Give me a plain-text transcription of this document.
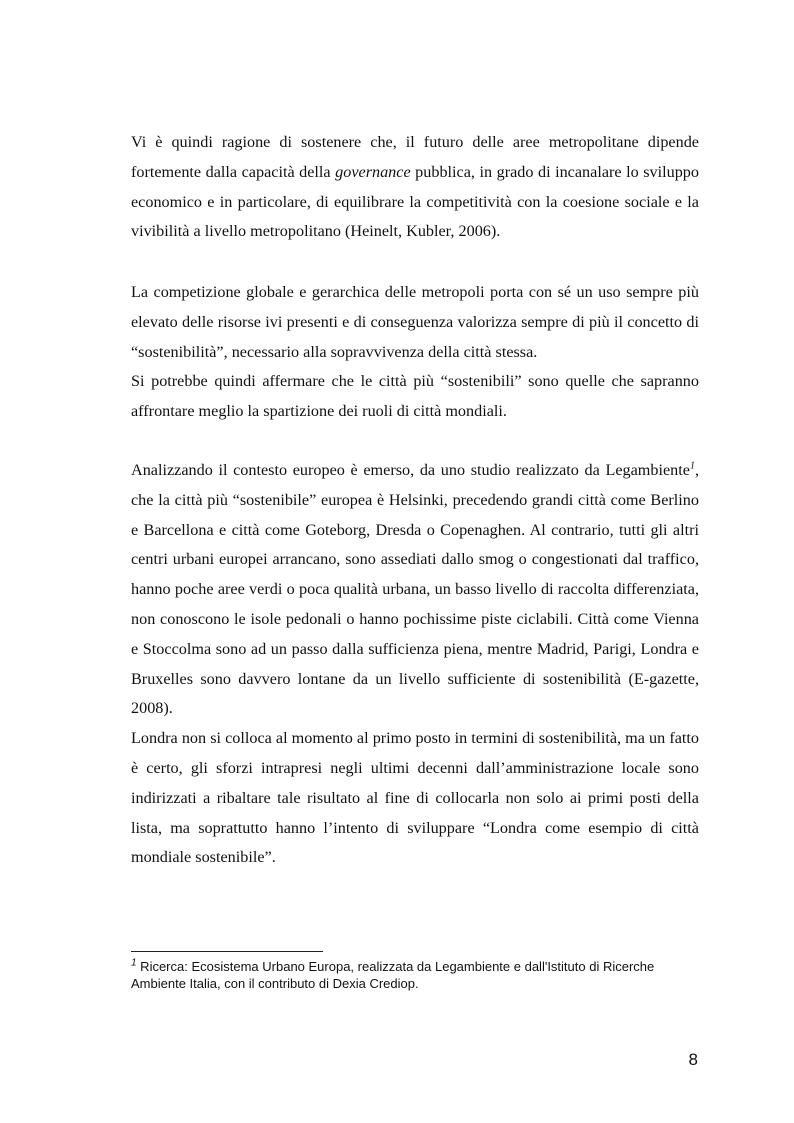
Vi è quindi ragione di sostenere che, il futuro delle aree metropolitane dipende fortemente dalla capacità della governance pubblica, in grado di incanalare lo sviluppo economico e in particolare, di equilibrare la competitività con la coesione sociale e la vivibilità a livello metropolitano (Heinelt, Kubler, 2006).

La competizione globale e gerarchica delle metropoli porta con sé un uso sempre più elevato delle risorse ivi presenti e di conseguenza valorizza sempre di più il concetto di “sostenibilità”, necessario alla sopravvivenza della città stessa.

Si potrebbe quindi affermare che le città più “sostenibili” sono quelle che sapranno affrontare meglio la spartizione dei ruoli di città mondiali.

Analizzando il contesto europeo è emerso, da uno studio realizzato da Legambiente$^1$, che la città più “sostenibile” europea è Helsinki, precedendo grandi città come Berlino e Barcellona e città come Goteborg, Dresda o Copenaghen. Al contrario, tutti gli altri centri urbani europei arrancano, sono assediati dallo smog o congestionati dal traffico, hanno poche aree verdi o poca qualità urbana, un basso livello di raccolta differenziata, non conoscono le isole pedonali o hanno pochissime piste ciclabili. Città come Vienna e Stoccolma sono ad un passo dalla sufficienza piena, mentre Madrid, Parigi, Londra e Bruxelles sono davvero lontane da un livello sufficiente di sostenibilità (E-gazette, 2008).

Londra non si colloca al momento al primo posto in termini di sostenibilità, ma un fatto è certo, gli sforzi intrapresi negli ultimi decenni dall’amministrazione locale sono indirizzati a ribaltare tale risultato al fine di collocarla non solo ai primi posti della lista, ma soprattutto hanno l’intento di sviluppare “Londra come esempio di città mondiale sostenibile”.

$^1$ Ricerca: Ecosistema Urbano Europa, realizzata da Legambiente e dall'Istituto di Ricerche Ambiente Italia, con il contributo di Dexia Crediop.
8
